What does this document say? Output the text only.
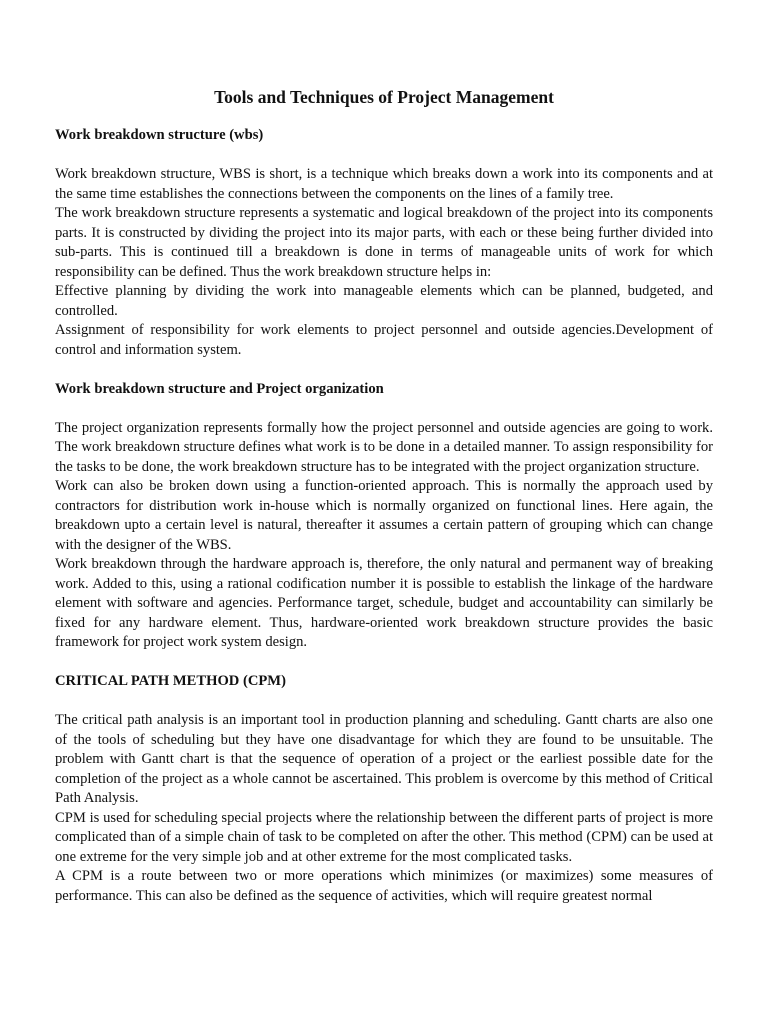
Tools and Techniques of Project Management
Work breakdown structure (wbs)

Work breakdown structure, WBS is short, is a technique which breaks down a work into its components and at the same time establishes the connections between the components on the lines of a family tree.

The work breakdown structure represents a systematic and logical breakdown of the project into its components parts. It is constructed by dividing the project into its major parts, with each or these being further divided into sub-parts. This is continued till a breakdown is done in terms of manageable units of work for which responsibility can be defined. Thus the work breakdown structure helps in:

Effective planning by dividing the work into manageable elements which can be planned, budgeted, and controlled.

Assignment of responsibility for work elements to project personnel and outside agencies.Development of control and information system.

Work breakdown structure and Project organization

The project organization represents formally how the project personnel and outside agencies are going to work. The work breakdown structure defines what work is to be done in a detailed manner. To assign responsibility for the tasks to be done, the work breakdown structure has to be integrated with the project organization structure.

Work can also be broken down using a function-oriented approach. This is normally the approach used by contractors for distribution work in-house which is normally organized on functional lines. Here again, the breakdown upto a certain level is natural, thereafter it assumes a certain pattern of grouping which can change with the designer of the WBS.

Work breakdown through the hardware approach is, therefore, the only natural and permanent way of breaking work. Added to this, using a rational codification number it is possible to establish the linkage of the hardware element with software and agencies. Performance target, schedule, budget and accountability can similarly be fixed for any hardware element. Thus, hardware-oriented work breakdown structure provides the basic framework for project work system design.

CRITICAL PATH METHOD (CPM)

The critical path analysis is an important tool in production planning and scheduling. Gantt charts are also one of the tools of scheduling but they have one disadvantage for which they are found to be unsuitable. The problem with Gantt chart is that the sequence of operation of a project or the earliest possible date for the completion of the project as a whole cannot be ascertained. This problem is overcome by this method of Critical Path Analysis.

CPM is used for scheduling special projects where the relationship between the different parts of project is more complicated than of a simple chain of task to be completed on after the other. This method (CPM) can be used at one extreme for the very simple job and at other extreme for the most complicated tasks.

A CPM is a route between two or more operations which minimizes (or maximizes) some measures of performance. This can also be defined as the sequence of activities, which will require greatest normal
